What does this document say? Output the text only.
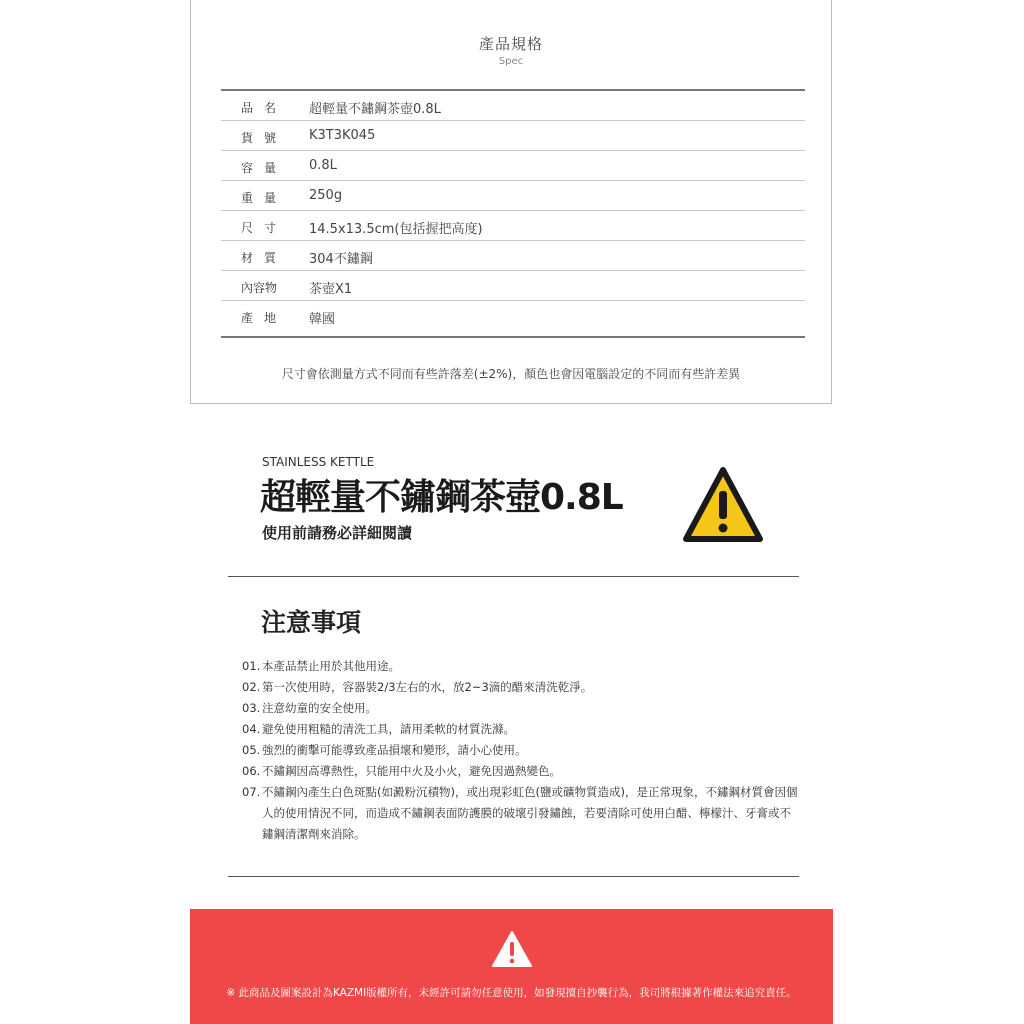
產品規格
Spec
品名 超輕量不鏽鋼茶壺0.8L
貨號 K3T3K045
容量 0.8L
重量 250g
尺寸 14.5x13.5cm(包括握把高度)
材質 304不鏽鋼
內容物 茶壺X1
產地 韓國
尺寸會依測量方式不同而有些許落差(±2%)，顏色也會因電腦設定的不同而有些許差異
STAINLESS KETTLE
超輕量不鏽鋼茶壺0.8L
使用前請務必詳細閱讀
注意事項
01. 本產品禁止用於其他用途。
02. 第一次使用時，容器裝2/3左右的水，放2~3滴的醋來清洗乾淨。
03. 注意幼童的安全使用。
04. 避免使用粗糙的清洗工具，請用柔軟的材質洗滌。
05. 強烈的衝擊可能導致產品損壞和變形，請小心使用。
06. 不鏽鋼因高導熱性，只能用中火及小火，避免因過熱變色。
07. 不鏽鋼內產生白色斑點(如澱粉沉積物)，或出現彩虹色(鹽或礦物質造成)，是正常現象，不鏽鋼材質會因個人的使用情況不同，而造成不鏽鋼表面防護膜的破壞引發鏽蝕，若要清除可使用白醋、檸檬汁、牙膏或不鏽鋼清潔劑來消除。
※ 此商品及圖案設計為KAZMI版權所有，未經許可請勿任意使用，如發現擅自抄襲行為，我司將根據著作權法來追究責任。
